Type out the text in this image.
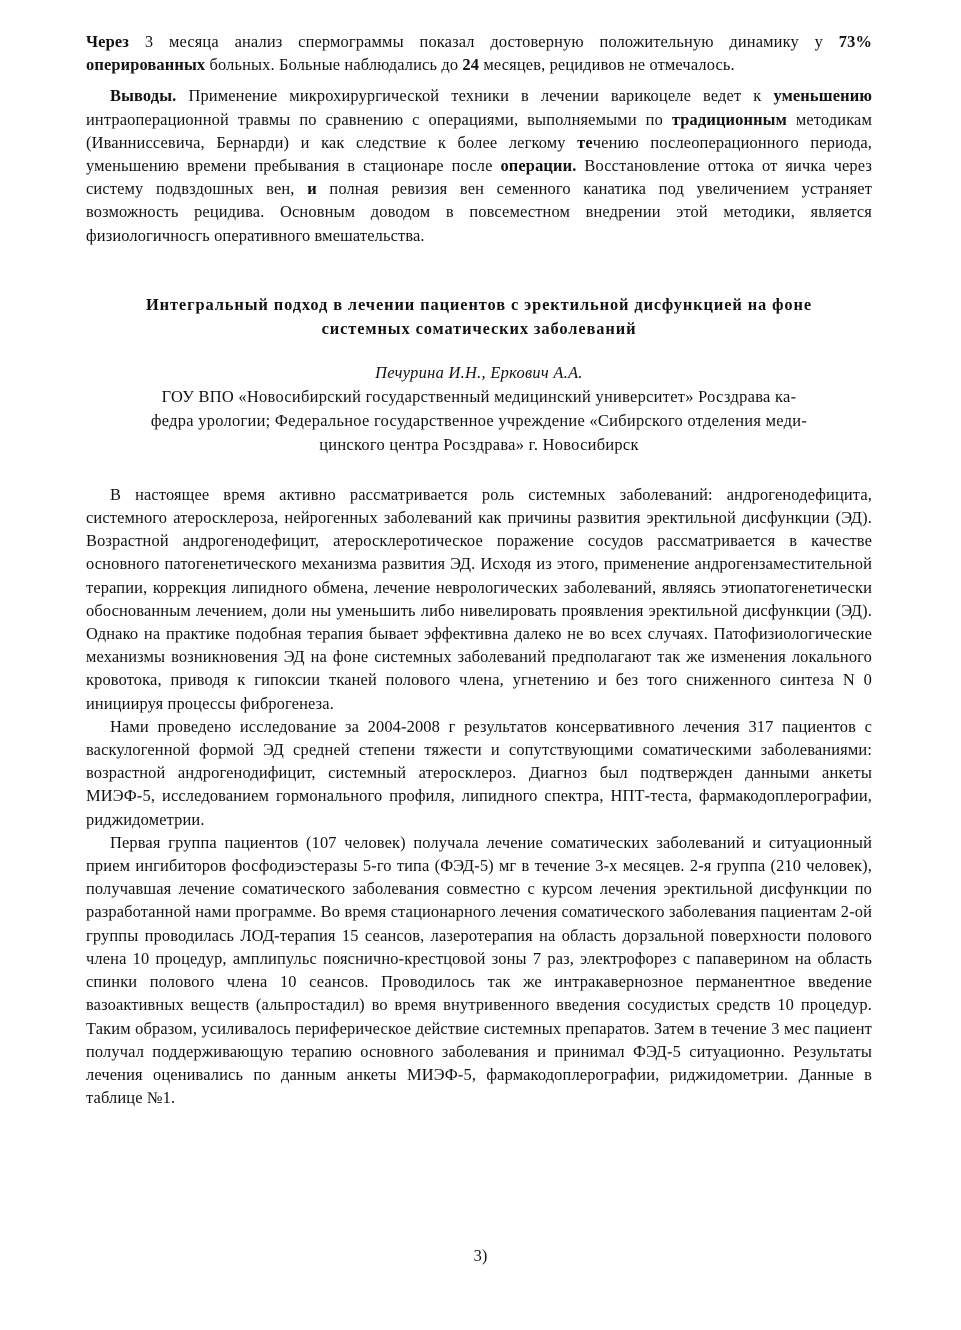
Через 3 месяца анализ спермограммы показал достоверную положительную динамику у 73% оперированных больных. Больные наблюдались до 24 месяцев, рецидивов не отмечалось.

Выводы. Применение микрохирургической техники в лечении варикоцеле ведет к уменьшению интраоперационной травмы по сравнению с операциями, выполняемыми по традиционным методикам (Иванниссевича, Бернарди) и как следствие к более легкому течению послеоперационного периода, уменьшению времени пребывания в стационаре после операции. Восстановление оттока от яичка через систему подвздошных вен, и полная ревизия вен семенного канатика под увеличением устраняет возможность рецидива. Основным доводом в повсеместном внедрении этой методики, является физиологичносгь оперативного вмешательства.

Интегральный подход в лечении пациентов с эректильной дисфункцией на фоне

системных соматических заболеваний

Печурина И.Н., Еркович А.А.

ГОУ ВПО «Новосибирский государственный медицинский университет» Росздрава ка-

федра урологии; Федеральное государственное учреждение «Сибирского отделения меди-

цинского центра Росздрава» г. Новосибирск

В настоящее время активно рассматривается роль системных заболеваний: андрогенодефицита, системного атеросклероза, нейрогенных заболеваний как причины развития эректильной дисфункции (ЭД). Возрастной андрогенодефицит, атеросклеротическое поражение сосудов рассматривается в качестве основного патогенетического механизма развития ЭД. Исходя из этого, применение андрогензаместительной терапии, коррекция липидного обмена, лечение неврологических заболеваний, являясь этиопатогенетически обоснованным лечением, доли ны уменьшить либо нивелировать проявления эректильной дисфункции (ЭД). Однако на практике подобная терапия бывает эффективна далеко не во всех случаях. Патофизиологические механизмы возникновения ЭД на фоне системных заболеваний предполагают так же изменения локального кровотока, приводя к гипоксии тканей полового члена, угнетению и без того сниженного синтеза N 0 инициируя процессы фиброгенеза.

Нами проведено исследование за 2004-2008 г результатов консервативного лечения 317 пациентов с васкулогенной формой ЭД средней степени тяжести и сопутствующими соматическими заболеваниями: возрастной андрогенодифицит, системный атеросклероз. Диагноз был подтвержден данными анкеты МИЭФ-5, исследованием гормонального профиля, липидного спектра, НПТ-теста, фармакодоплерографии, риджидометрии.

Первая группа пациентов (107 человек) получала лечение соматических заболеваний и ситуационный прием ингибиторов фосфодиэстеразы 5-го типа (ФЭД-5) мг в течение 3-х месяцев. 2-я группа (210 человек), получавшая лечение соматического заболевания совместно с курсом лечения эректильной дисфункции по разработанной нами программе. Во время стационарного лечения соматического заболевания пациентам 2-ой группы проводилась ЛОД-терапия 15 сеансов, лазеротерапия на область дорзальной поверхности полового члена 10 процедур, амплипульс пояснично-крестцовой зоны 7 раз, электрофорез с папаверином на область спинки полового члена 10 сеансов. Проводилось так же интракавернозное перманентное введение вазоактивных веществ (альпростадил) во время внутривенного введения сосудистых средств 10 процедур. Таким образом, усиливалось периферическое действие системных препаратов. Затем в течение 3 мес пациент получал поддерживающую терапию основного заболевания и принимал ФЭД-5 ситуационно. Результаты лечения оценивались по данным анкеты МИЭФ-5, фармакодоплерографии, риджидометрии. Данные в таблице №1.

3)
